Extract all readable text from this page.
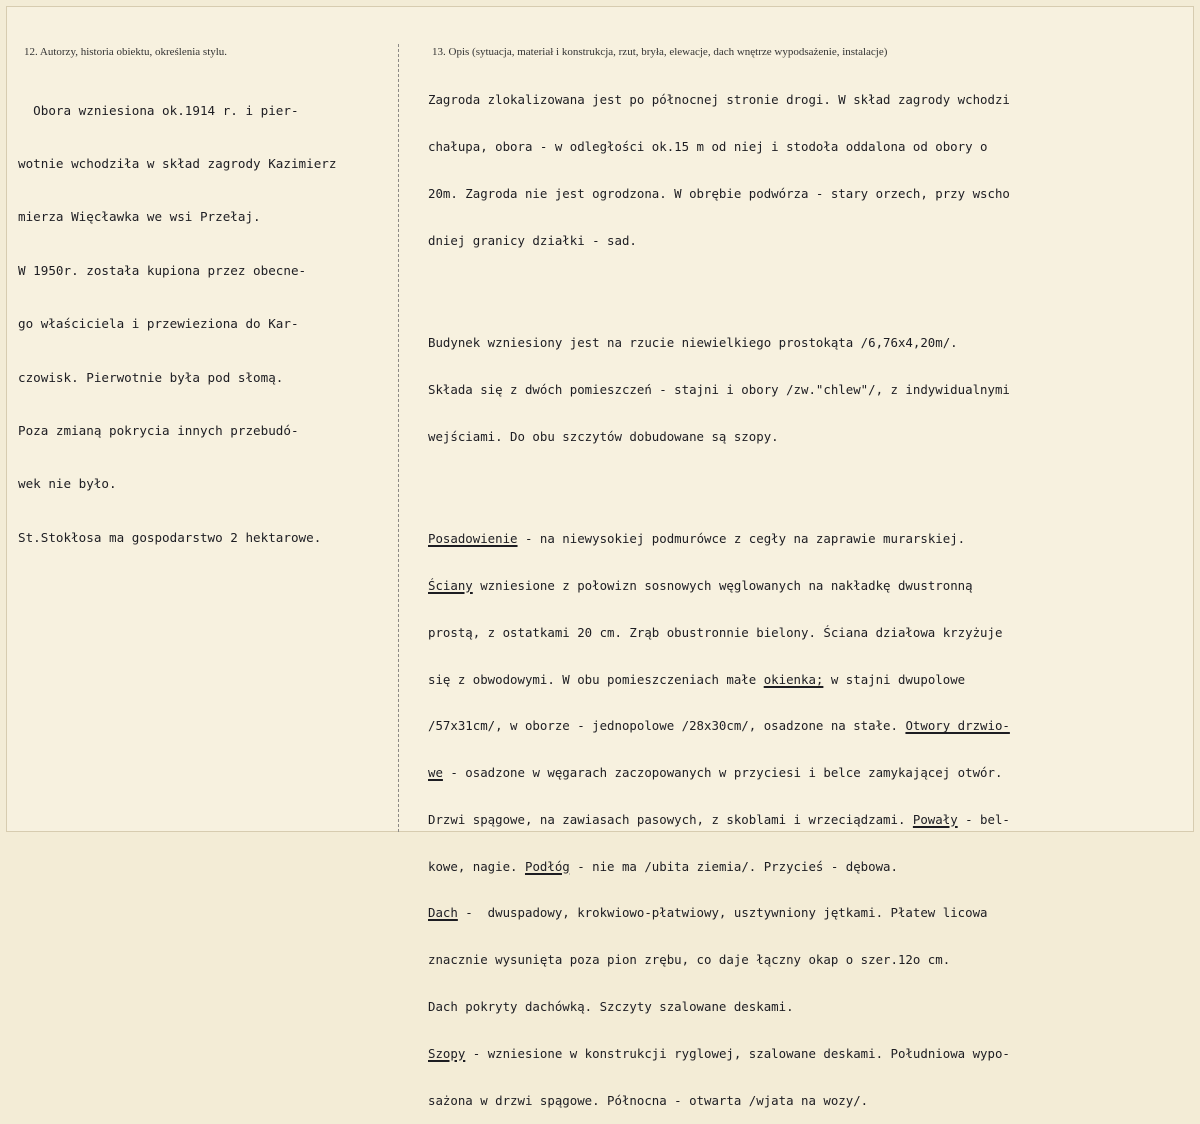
12. Autorzy, historia obiektu, określenia stylu.	13. Opis (sytuacja, materiał i konstrukcja, rzut, bryła, elewacje, dach wnętrze wypodsażenie, instalacje)

Obora wzniesiona ok.1914 r. i pier-

wotnie wchodziła w skład zagrody Kazimierz

mierza Więcławka we wsi Przełaj.

W 1950r. została kupiona przez obecne-

go właściciela i przewieziona do Kar-

czowisk. Pierwotnie była pod słomą.

Poza zmianą pokrycia innych przebudó-

wek nie było.

St.Stokłosa ma gospodarstwo 2 hektarowe.

Zagroda zlokalizowana jest po północnej stronie drogi. W skład zagrody wchodzi

chałupa, obora - w odległości ok.15 m od niej i stodoła oddalona od obory o

20m. Zagroda nie jest ogrodzona. W obrębie podwórza - stary orzech, przy wscho

dniej granicy działki - sad.

Budynek wzniesiony jest na rzucie niewielkiego prostokąta /6,76x4,20m/.

Składa się z dwóch pomieszczeń - stajni i obory /zw."chlew"/, z indywidualnymi

wejściami. Do obu szczytów dobudowane są szopy.

Posadowienie - na niewysokiej podmurówce z cegły na zaprawie murarskiej.

Ściany wzniesione z połowizn sosnowych węglowanych na nakładkę dwustronną

prostą, z ostatkami 20 cm. Zrąb obustronnie bielony. Ściana działowa krzyżuje

się z obwodowymi. W obu pomieszczeniach małe okienka; w stajni dwupolowe

/57x31cm/, w oborze - jednopolowe /28x30cm/, osadzone na stałe. Otwory drzwio-

we - osadzone w węgarach zaczopowanych w przyciesi i belce zamykającej otwór.

Drzwi spągowe, na zawiasach pasowych, z skoblami i wrzeciądzami. Powały - bel-

kowe, nagie. Podłóg - nie ma /ubita ziemia/. Przycieś - dębowa.

Dach -  dwuspadowy, krokwiowo-płatwiowy, usztywniony jętkami. Płatew licowa

znacznie wysunięta poza pion zrębu, co daje łączny okap o szer.12o cm.

Dach pokryty dachówką. Szczyty szalowane deskami.

Szopy - wzniesione w konstrukcji ryglowej, szalowane deskami. Południowa wypo-

sażona w drzwi spągowe. Północna - otwarta /wjata na wozy/.
